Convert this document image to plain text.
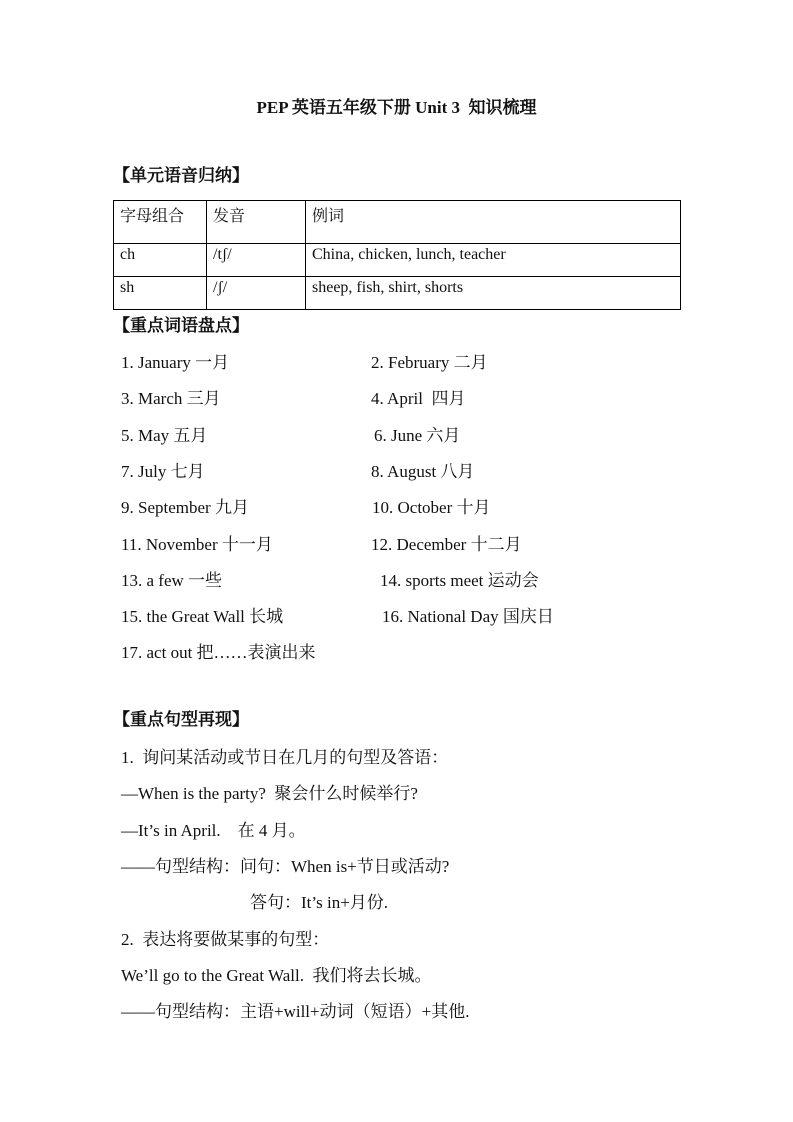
PEP 英语五年级下册 Unit 3  知识梳理
【单元语音归纳】
字母组合	发音	例词
ch	/tʃ/	China, chicken, lunch, teacher
sh	/ʃ/	sheep, fish, shirt, shorts
【重点词语盘点】
【重点句型再现】
1. January 一月	2. February 二月
3. March 三月	4. April  四月
5. May 五月	6. June 六月
7. July 七月	8. August 八月
9. September 九月	10. October 十月
11. November 十一月	12. December 十二月
13. a few 一些	14. sports meet 运动会
15. the Great Wall 长城	16. National Day 国庆日
17. act out 把……表演出来
1.  询问某活动或节日在几月的句型及答语：
—When is the party?  聚会什么时候举行?
—It’s in April.    在 4 月。
——句型结构：问句：When is+节日或活动?
答句：It’s in+月份.
2.  表达将要做某事的句型：
We’ll go to the Great Wall.  我们将去长城。
——句型结构：主语+will+动词（短语）+其他.
